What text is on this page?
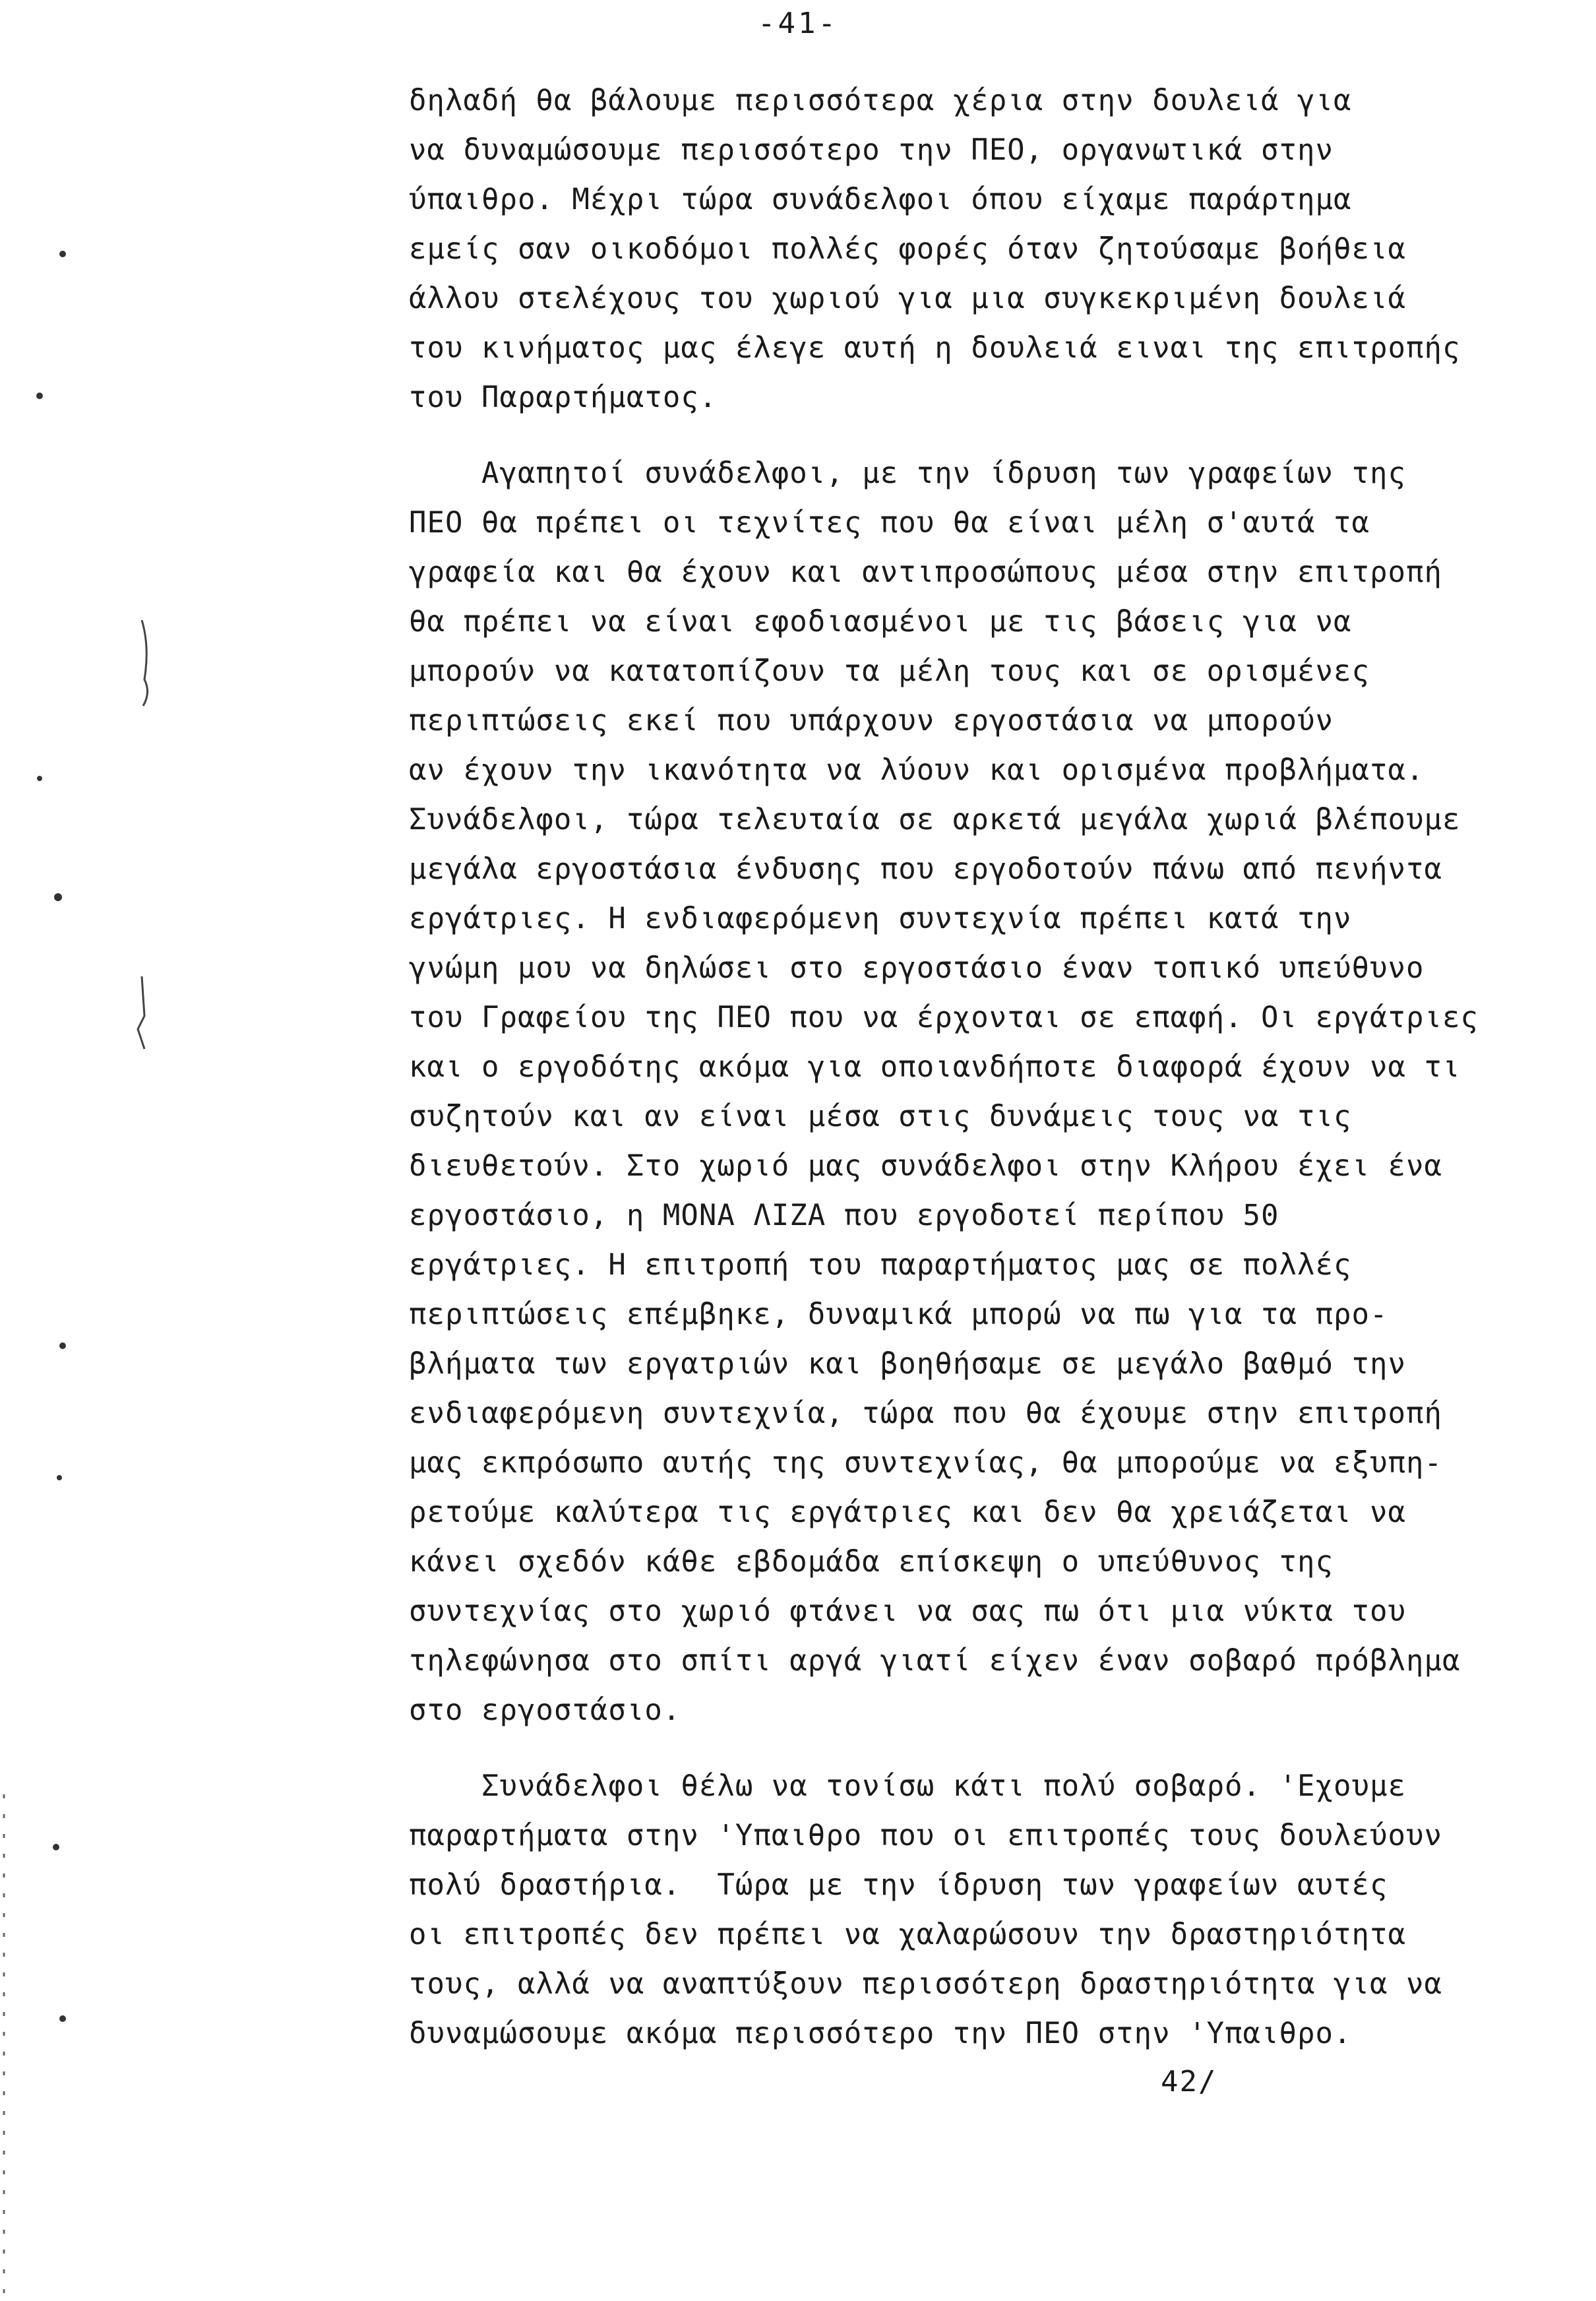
-41-
δηλαδή θα βάλουμε περισσότερα χέρια στην δουλειά για
να δυναμώσουμε περισσότερο την ΠΕΟ, οργανωτικά στην
ύπαιθρο. Μέχρι τώρα συνάδελφοι όπου είχαμε παράρτημα
εμείς σαν οικοδόμοι πολλές φορές όταν ζητούσαμε βοήθεια
άλλου στελέχους του χωριού για μια συγκεκριμένη δουλειά
του κινήματος μας έλεγε αυτή η δουλειά ειναι της επιτροπής
του Παραρτήματος.
Αγαπητοί συνάδελφοι, με την ίδρυση των γραφείων της
ΠΕΟ θα πρέπει οι τεχνίτες που θα είναι μέλη σ'αυτά τα
γραφεία και θα έχουν και αντιπροσώπους μέσα στην επιτροπή
θα πρέπει να είναι εφοδιασμένοι με τις βάσεις για να
μπορούν να κατατοπίζουν τα μέλη τους και σε ορισμένες
περιπτώσεις εκεί που υπάρχουν εργοστάσια να μπορούν
αν έχουν την ικανότητα να λύουν και ορισμένα προβλήματα.
Συνάδελφοι, τώρα τελευταία σε αρκετά μεγάλα χωριά βλέπουμε
μεγάλα εργοστάσια ένδυσης που εργοδοτούν πάνω από πενήντα
εργάτριες. Η ενδιαφερόμενη συντεχνία πρέπει κατά την
γνώμη μου να δηλώσει στο εργοστάσιο έναν τοπικό υπεύθυνο
του Γραφείου της ΠΕΟ που να έρχονται σε επαφή. Οι εργάτριες
και ο εργοδότης ακόμα για οποιανδήποτε διαφορά έχουν να τι
συζητούν και αν είναι μέσα στις δυνάμεις τους να τις
διευθετούν. Στο χωριό μας συνάδελφοι στην Κλήρου έχει ένα
εργοστάσιο, η ΜΟΝΑ ΛΙΖΑ που εργοδοτεί περίπου 50
εργάτριες. Η επιτροπή του παραρτήματος μας σε πολλές
περιπτώσεις επέμβηκε, δυναμικά μπορώ να πω για τα προ-
βλήματα των εργατριών και βοηθήσαμε σε μεγάλο βαθμό την
ενδιαφερόμενη συντεχνία, τώρα που θα έχουμε στην επιτροπή
μας εκπρόσωπο αυτής της συντεχνίας, θα μπορούμε να εξυπη-
ρετούμε καλύτερα τις εργάτριες και δεν θα χρειάζεται να
κάνει σχεδόν κάθε εβδομάδα επίσκεψη ο υπεύθυνος της
συντεχνίας στο χωριό φτάνει να σας πω ότι μια νύκτα του
τηλεφώνησα στο σπίτι αργά γιατί είχεν έναν σοβαρό πρόβλημα
στο εργοστάσιο.
Συνάδελφοι θέλω να τονίσω κάτι πολύ σοβαρό. 'Εχουμε
παραρτήματα στην 'Υπαιθρο που οι επιτροπές τους δουλεύουν
πολύ δραστήρια.  Τώρα με την ίδρυση των γραφείων αυτές
οι επιτροπές δεν πρέπει να χαλαρώσουν την δραστηριότητα
τους, αλλά να αναπτύξουν περισσότερη δραστηριότητα για να
δυναμώσουμε ακόμα περισσότερο την ΠΕΟ στην 'Υπαιθρο.
42/
